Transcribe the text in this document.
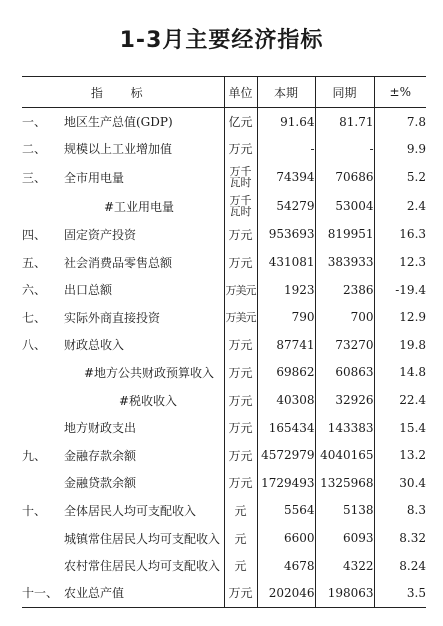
1-3月主要经济指标
指 标		单位	本期	同期	±%
一、	地区生产总值(GDP)	亿元	91.64	81.71	7.8
二、	规模以上工业增加值	万元	-	-	9.9
三、	全市用电量	万千
瓦时	74394	70686	5.2
	#工业用电量	万千
瓦时	54279	53004	2.4
四、	固定资产投资	万元	953693	819951	16.3
五、	社会消费品零售总额	万元	431081	383933	12.3
六、	出口总额	万美元	1923	2386	-19.4
七、	实际外商直接投资	万美元	790	700	12.9
八、	财政总收入	万元	87741	73270	19.8
	#地方公共财政预算收入	万元	69862	60863	14.8
	#税收收入	万元	40308	32926	22.4
	地方财政支出	万元	165434	143383	15.4
九、	金融存款余额	万元	4572979	4040165	13.2
	金融贷款余额	万元	1729493	1325968	30.4
十、	全体居民人均可支配收入	元	5564	5138	8.3
	城镇常住居民人均可支配收入	元	6600	6093	8.32
	农村常住居民人均可支配收入	元	4678	4322	8.24
十一、	农业总产值	万元	202046	198063	3.5
